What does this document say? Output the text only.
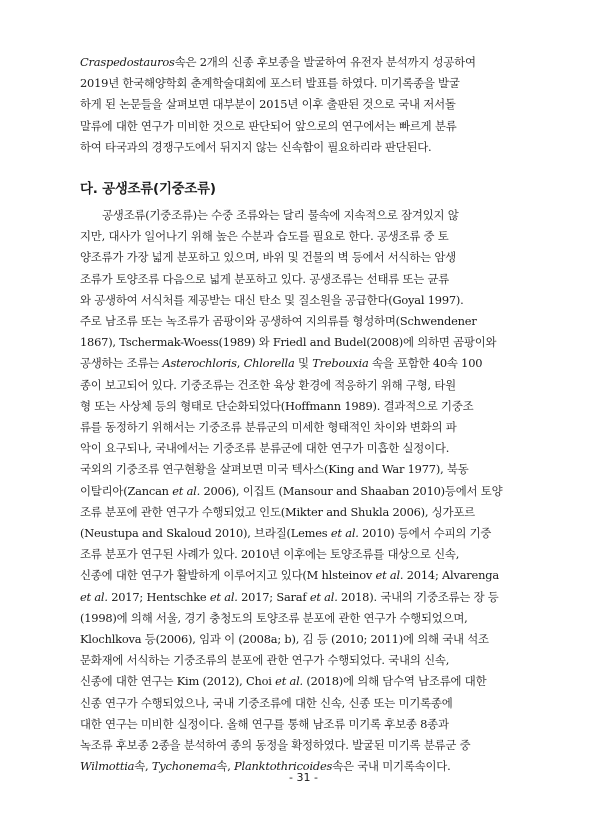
Craspedostauros속은 2개의 신종 후보종을 발굴하여 유전자 분석까지 성공하여
2019년 한국해양학회 춘계학술대회에 포스터 발표를 하였다. 미기록종을 발굴
하게 된 논문들을 살펴보면 대부분이 2015년 이후 출판된 것으로 국내 저서돌
말류에 대한 연구가 미비한 것으로 판단되어 앞으로의 연구에서는 빠르게 분류
하여 타국과의 경쟁구도에서 뒤지지 않는 신속함이 필요하리라 판단된다.
다. 공생조류(기중조류)
공생조류(기중조류)는 수중 조류와는 달리 물속에 지속적으로 잠겨있지 않
지만, 대사가 일어나기 위해 높은 수분과 습도를 필요로 한다. 공생조류 중 토
양조류가 가장 넓게 분포하고 있으며, 바위 및 건물의 벽 등에서 서식하는 암생
조류가 토양조류 다음으로 넓게 분포하고 있다. 공생조류는 선태류 또는 균류
와 공생하여 서식처를 제공받는 대신 탄소 및 질소원을 공급한다(Goyal 1997).
주로 남조류 또는 녹조류가 곰팡이와 공생하여 지의류를 형성하며(Schwendener
1867), Tschermak-Woess(1989) 와 Friedl and Budel(2008)에 의하면 곰팡이와
공생하는 조류는 Asterochloris, Chlorella 및 Trebouxia 속을 포함한 40속 100
종이 보고되어 있다. 기중조류는 건조한 육상 환경에 적응하기 위해 구형, 타원
형 또는 사상체 등의 형태로 단순화되었다(Hoffmann 1989). 결과적으로 기중조
류를 동정하기 위해서는 기중조류 분류군의 미세한 형태적인 차이와 변화의 파
악이 요구되나, 국내에서는 기중조류 분류군에 대한 연구가 미흡한 실정이다.
국외의 기중조류 연구현황을 살펴보면 미국 텍사스(King and War 1977), 북동
이탈리아(Zancan et al. 2006), 이집트 (Mansour and Shaaban 2010)등에서 토양
조류 분포에 관한 연구가 수행되었고 인도(Mikter and Shukla 2006), 싱가포르
(Neustupa and Skaloud 2010), 브라질(Lemes et al. 2010) 등에서 수피의 기중
조류 분포가 연구된 사례가 있다. 2010년 이후에는 토양조류를 대상으로 신속,
신종에 대한 연구가 활발하게 이루어지고 있다(M hlsteinov et al. 2014; Alvarenga
et al. 2017; Hentschke et al. 2017; Saraf et al. 2018). 국내의 기중조류는 장 등
(1998)에 의해 서울, 경기 충청도의 토양조류 분포에 관한 연구가 수행되었으며,
Klochlkova 등(2006), 임과 이 (2008a; b), 김 등 (2010; 2011)에 의해 국내 석조
문화재에 서식하는 기중조류의 분포에 관한 연구가 수행되었다. 국내의 신속,
신종에 대한 연구는 Kim (2012), Choi et al. (2018)에 의해 담수역 남조류에 대한
신종 연구가 수행되었으나, 국내 기중조류에 대한 신속, 신종 또는 미기록종에
대한 연구는 미비한 실정이다. 올해 연구를 통해 남조류 미기록 후보종 8종과
녹조류 후보종 2종을 분석하여 종의 동정을 확정하였다. 발굴된 미기록 분류군 중
Wilmottia속, Tychonema속, Planktothricoides속은 국내 미기록속이다.
- 31 -
